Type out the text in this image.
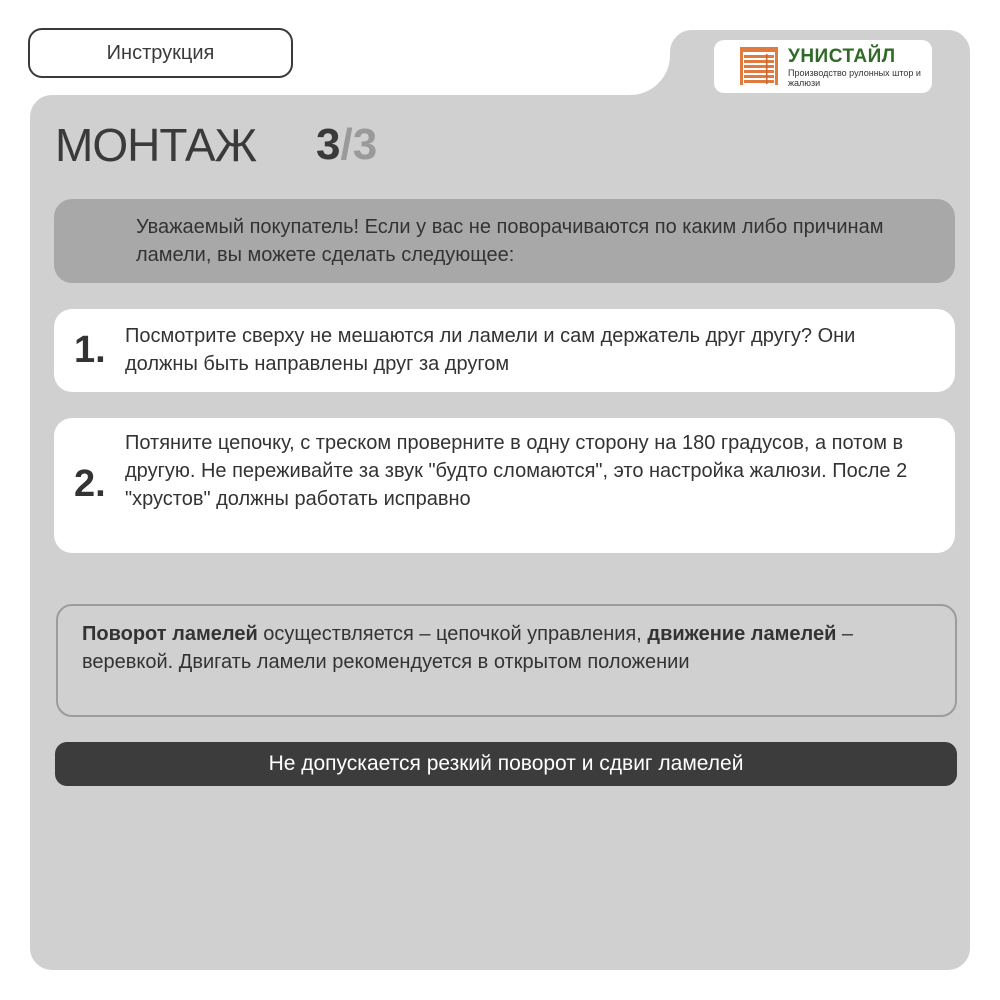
Инструкция	УНИСТАЙЛ
Производство рулонных штор и жалюзи
МОНТАЖ 3/3
Уважаемый покупатель! Если у вас не поворачиваются по каким либо причинам ламели, вы можете сделать следующее:
1. Посмотрите сверху не мешаются ли ламели и сам держатель друг другу? Они должны быть направлены друг за другом
2.
Потяните цепочку, с треском проверните в одну сторону на 180 градусов, а потом в другую. Не переживайте за звук "будто сломаются", это настройка жалюзи. После 2 "хрустов" должны работать исправно
Поворот ламелей осуществляется – цепочкой управления, движение ламелей – веревкой. Двигать ламели рекомендуется в открытом положении
Не допускается резкий поворот и сдвиг ламелей
